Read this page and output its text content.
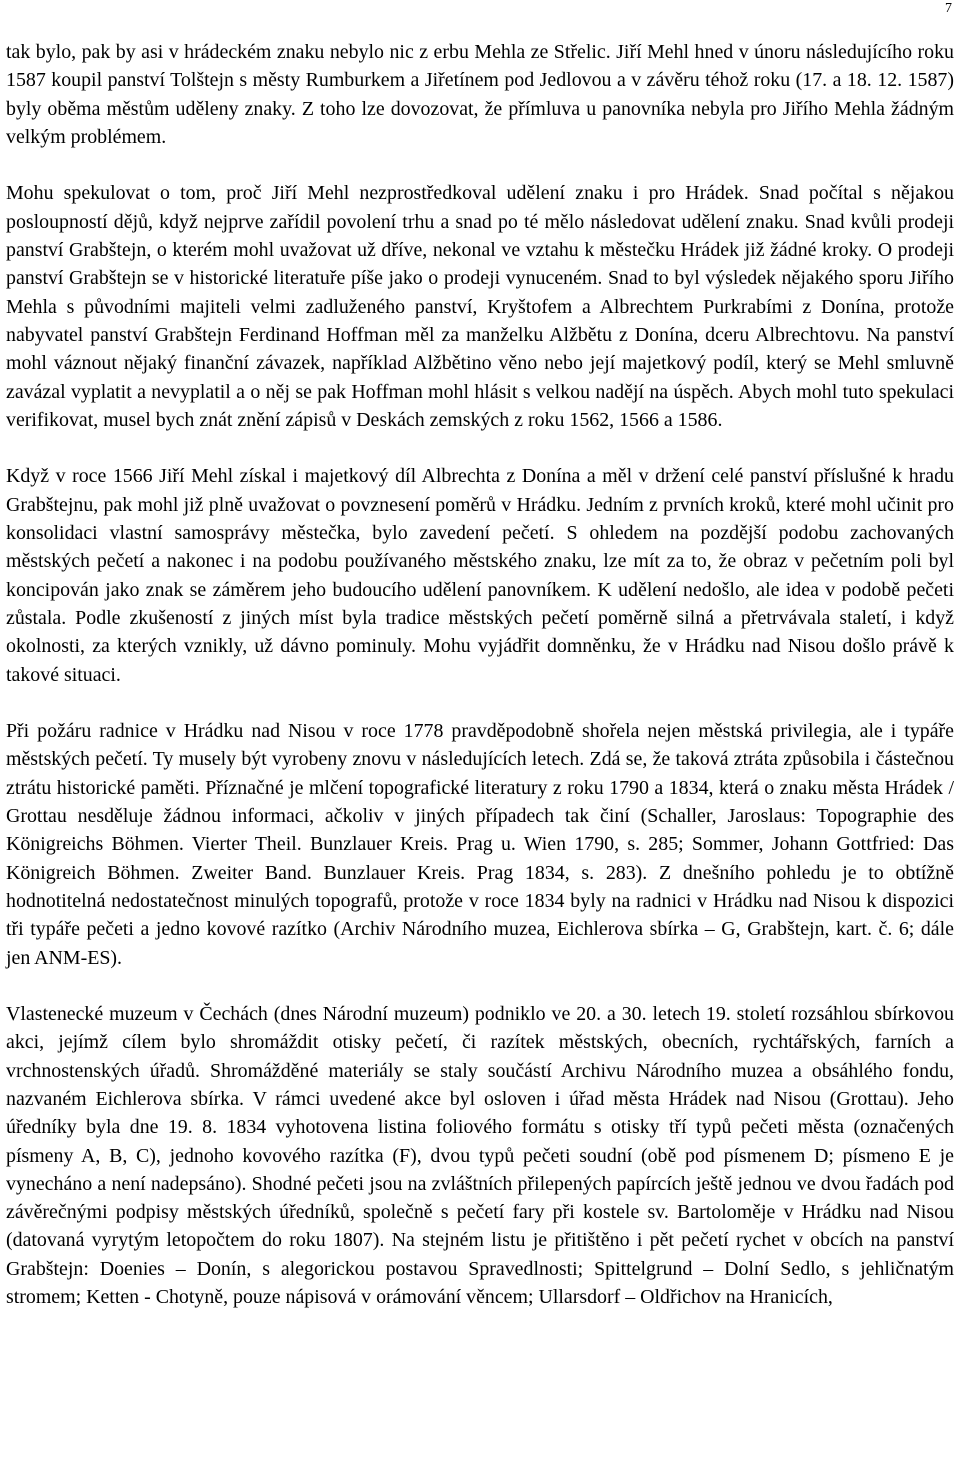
7

tak bylo, pak by asi v hrádeckém znaku nebylo nic z erbu Mehla ze Střelic. Jiří Mehl hned v únoru následujícího roku 1587 koupil panství Tolštejn s městy Rumburkem a Jiřetínem pod Jedlovou a v závěru téhož roku (17. a 18. 12. 1587) byly oběma městům uděleny znaky. Z toho lze dovozovat, že přímluva u panovníka nebyla pro Jiřího Mehla žádným velkým problémem.

Mohu spekulovat o tom, proč Jiří Mehl nezprostředkoval udělení znaku i pro Hrádek. Snad počítal s nějakou posloupností dějů, když nejprve zařídil povolení trhu a snad po té mělo následovat udělení znaku. Snad kvůli prodeji panství Grabštejn, o kterém mohl uvažovat už dříve, nekonal ve vztahu k městečku Hrádek již žádné kroky. O prodeji panství Grabštejn se v historické literatuře píše jako o prodeji vynuceném. Snad to byl výsledek nějakého sporu Jiřího Mehla s původními majiteli velmi zadluženého panství, Kryštofem a Albrechtem Purkrabími z Donína, protože nabyvatel panství Grabštejn Ferdinand Hoffman měl za manželku Alžbětu z Donína, dceru Albrechtovu. Na panství mohl váznout nějaký finanční závazek, například Alžbětino věno nebo její majetkový podíl, který se Mehl smluvně zavázal vyplatit a nevyplatil a o něj se pak Hoffman mohl hlásit s velkou nadějí na úspěch. Abych mohl tuto spekulaci verifikovat, musel bych znát znění zápisů v Deskách zemských z roku 1562, 1566 a 1586.

Když v roce 1566 Jiří Mehl získal i majetkový díl Albrechta z Donína a měl v držení celé panství příslušné k hradu Grabštejnu, pak mohl již plně uvažovat o povznesení poměrů v Hrádku. Jedním z prvních kroků, které mohl učinit pro konsolidaci vlastní samosprávy městečka, bylo zavedení pečetí. S ohledem na pozdější podobu zachovaných městských pečetí a nakonec i na podobu používaného městského znaku, lze mít za to, že obraz v pečetním poli byl koncipován jako znak se záměrem jeho budoucího udělení panovníkem. K udělení nedošlo, ale idea v podobě pečeti zůstala. Podle zkušeností z jiných míst byla tradice městských pečetí poměrně silná a přetrvávala staletí, i když okolnosti, za kterých vznikly, už dávno pominuly. Mohu vyjádřit domněnku, že v Hrádku nad Nisou došlo právě k takové situaci.

Při požáru radnice v Hrádku nad Nisou v roce 1778 pravděpodobně shořela nejen městská privilegia, ale i typáře městských pečetí. Ty musely být vyrobeny znovu v následujících letech. Zdá se, že taková ztráta způsobila i částečnou ztrátu historické paměti. Příznačné je mlčení topografické literatury z roku 1790 a 1834, která o znaku města Hrádek / Grottau nesděluje žádnou informaci, ačkoliv v jiných případech tak činí (Schaller, Jaroslaus: Topographie des Königreichs Böhmen. Vierter Theil. Bunzlauer Kreis. Prag u. Wien 1790, s. 285; Sommer, Johann Gottfried: Das Königreich Böhmen. Zweiter Band. Bunzlauer Kreis. Prag 1834, s. 283). Z dnešního pohledu je to obtížně hodnotitelná nedostatečnost minulých topografů, protože v roce 1834 byly na radnici v Hrádku nad Nisou k dispozici tři typáře pečeti a jedno kovové razítko (Archiv Národního muzea, Eichlerova sbírka – G, Grabštejn, kart. č. 6; dále jen ANM-ES).

Vlastenecké muzeum v Čechách (dnes Národní muzeum) podniklo ve 20. a 30. letech 19. století rozsáhlou sbírkovou akci, jejímž cílem bylo shromáždit otisky pečetí, či razítek městských, obecních, rychtářských, farních a vrchnostenských úřadů. Shromážděné materiály se staly součástí Archivu Národního muzea a obsáhlého fondu, nazvaném Eichlerova sbírka. V rámci uvedené akce byl osloven i úřad města Hrádek nad Nisou (Grottau). Jeho úředníky byla dne 19. 8. 1834 vyhotovena listina foliového formátu s otisky tří typů pečeti města (označených písmeny A, B, C), jednoho kovového razítka (F), dvou typů pečeti soudní (obě pod písmenem D; písmeno E je vynecháno a není nadepsáno). Shodné pečeti jsou na zvláštních přilepených papírcích ještě jednou ve dvou řadách pod závěrečnými podpisy městských úředníků, společně s pečetí fary při kostele sv. Bartoloměje v Hrádku nad Nisou (datovaná vyrytým letopočtem do roku 1807). Na stejném listu je přitištěno i pět pečetí rychet v obcích na panství Grabštejn: Doenies – Donín, s alegorickou postavou Spravedlnosti; Spittelgrund – Dolní Sedlo, s jehličnatým stromem; Ketten - Chotyně, pouze nápisová v orámování věncem; Ullarsdorf – Oldřichov na Hranicích,
